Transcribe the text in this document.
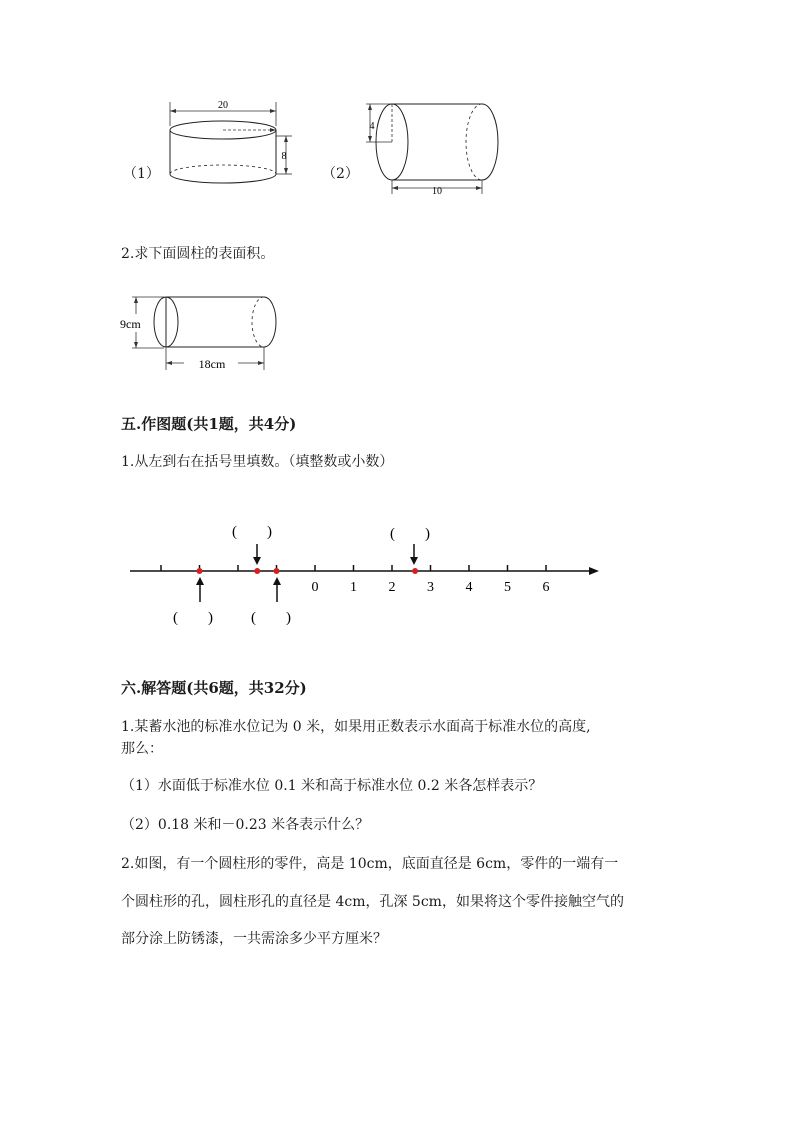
（1）
20
8
（2）
4
10
2.求下面圆柱的表面积。
9cm
18cm
五.作图题(共1题，共4分)
1.从左到右在括号里填数。（填整数或小数）
0 1 2 3 4 5 6
(　　)	(　　)
(　　)	(　　)
六.解答题(共6题，共32分)
1.某蓄水池的标准水位记为 0 米，如果用正数表示水面高于标准水位的高度,
那么：
（1）水面低于标准水位 0.1 米和高于标准水位 0.2 米各怎样表示？
（2）0.18 米和－0.23 米各表示什么？
2.如图，有一个圆柱形的零件，高是 10cm，底面直径是 6cm，零件的一端有一
个圆柱形的孔，圆柱形孔的直径是 4cm，孔深 5cm，如果将这个零件接触空气的
部分涂上防锈漆，一共需涂多少平方厘米？
